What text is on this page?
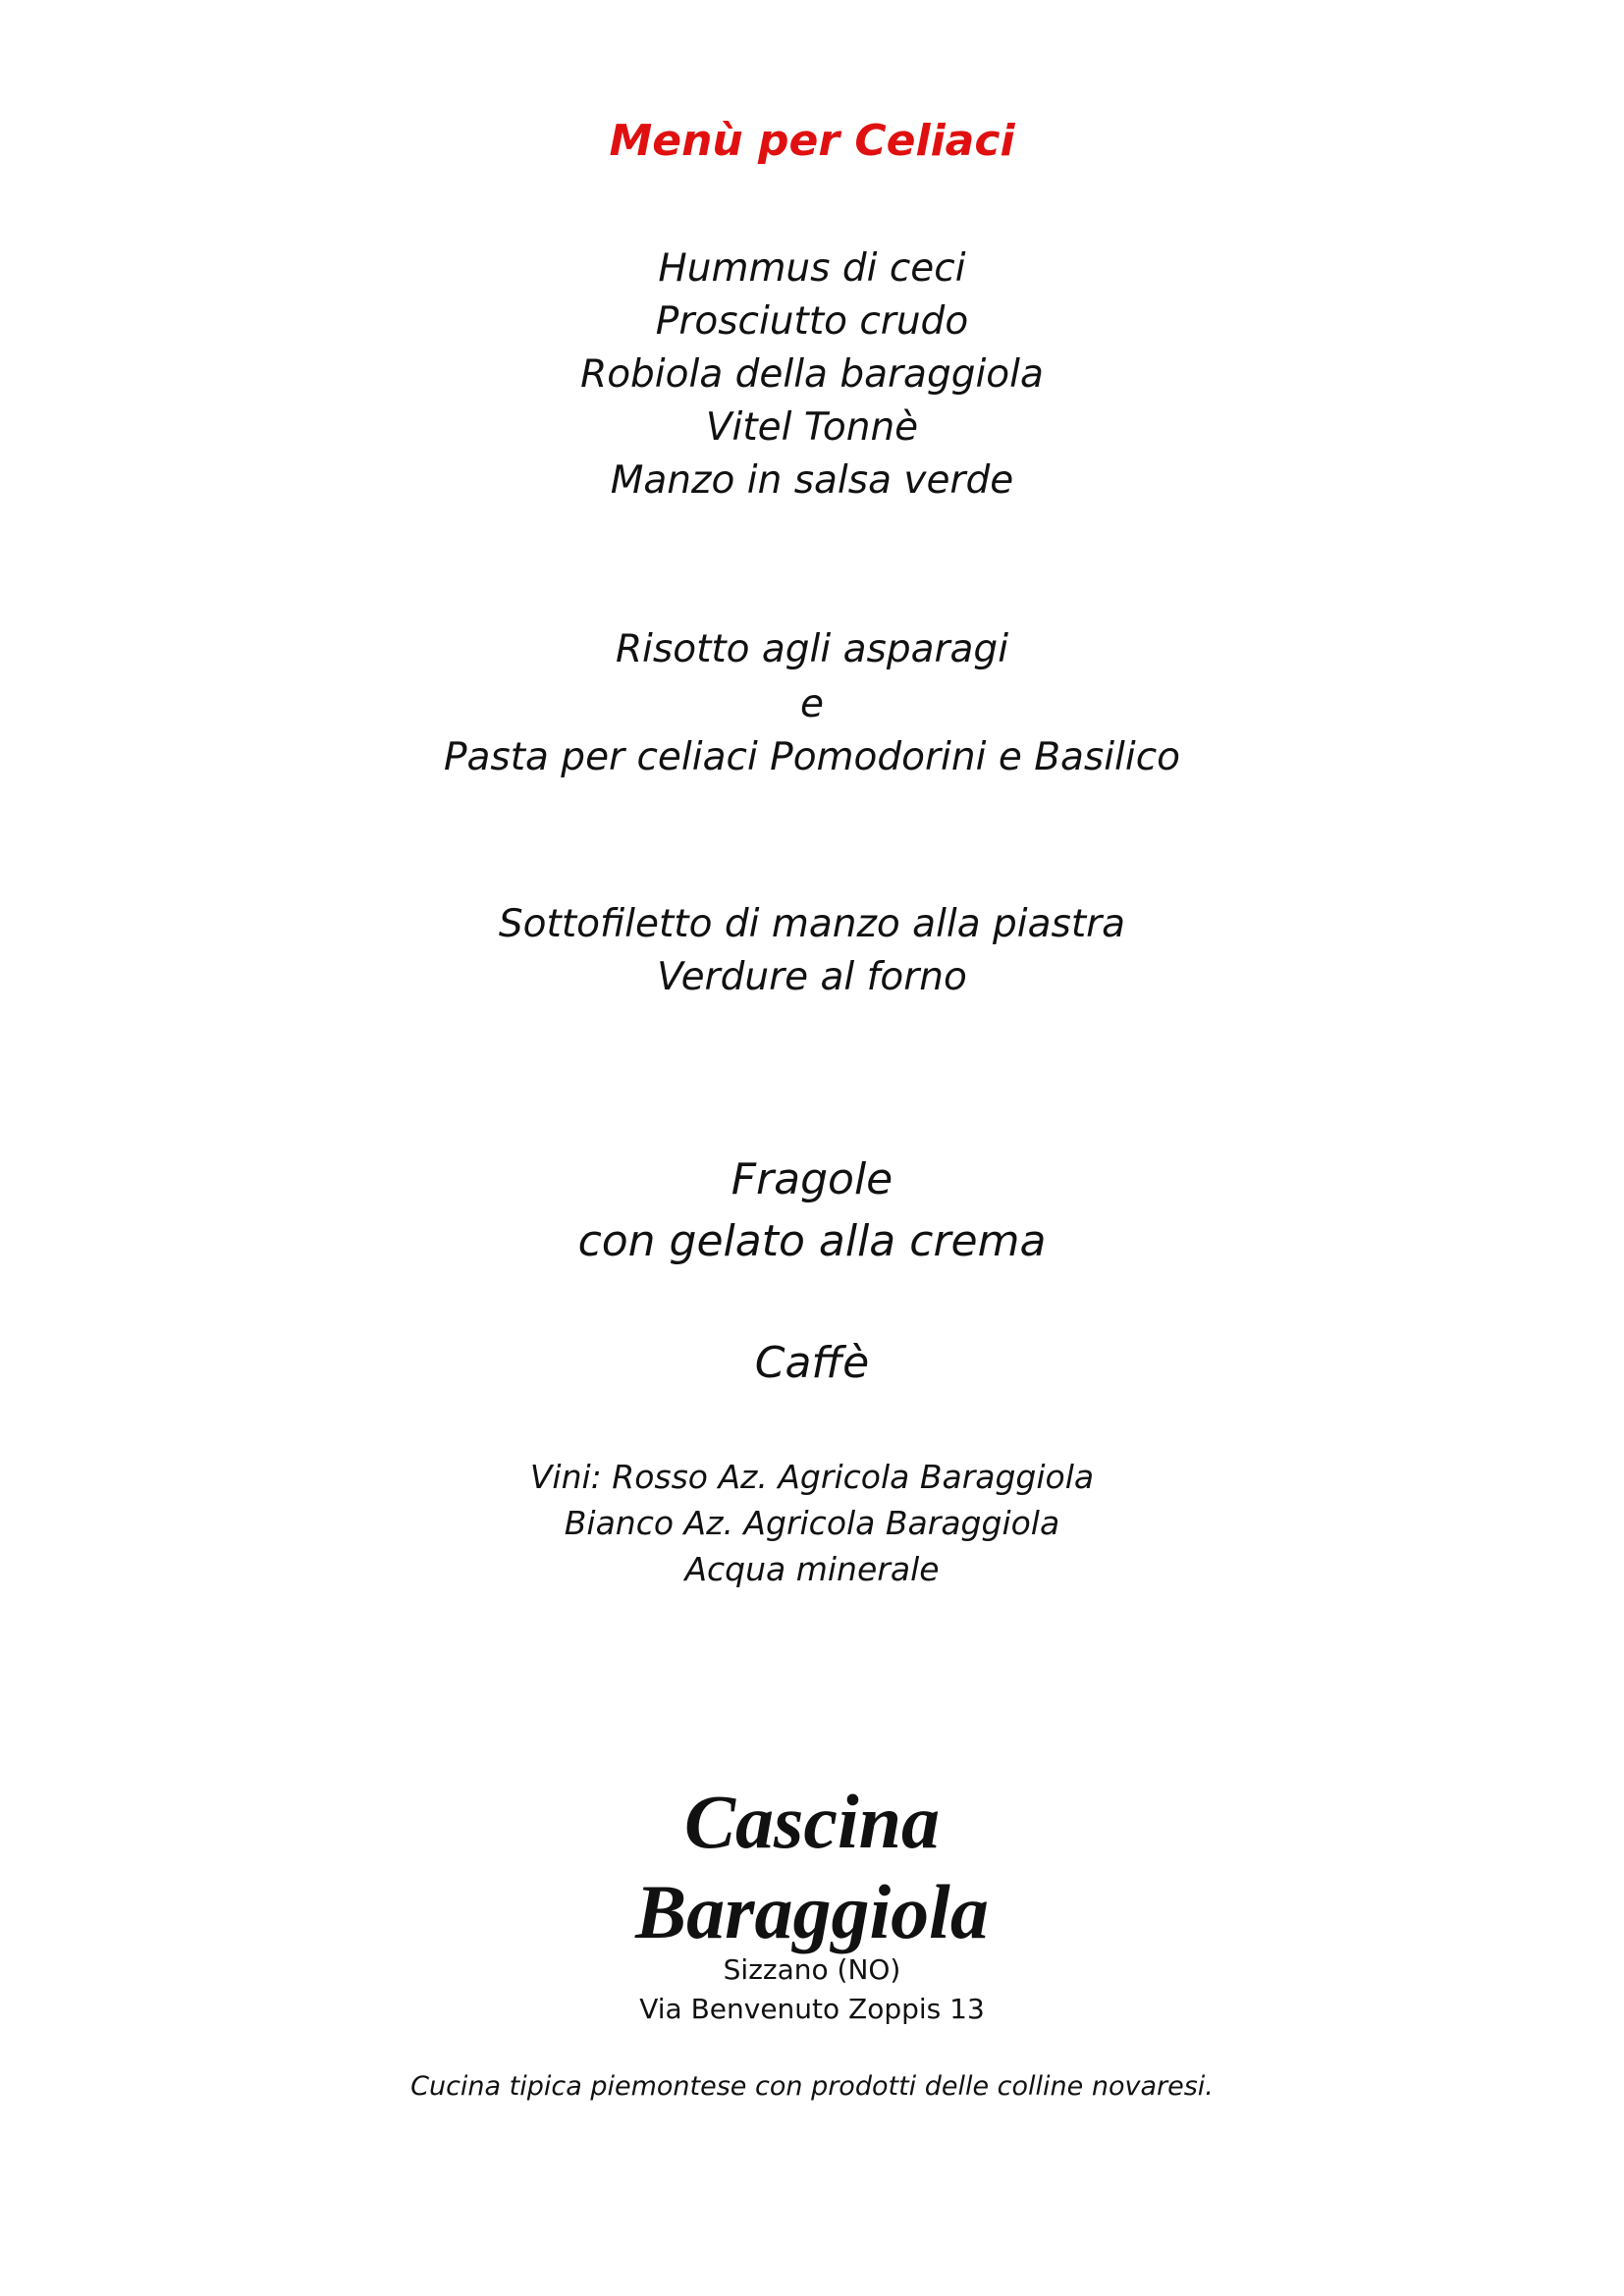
Menù per Celiaci
Hummus di ceci
Prosciutto crudo
Robiola della baraggiola
Vitel Tonnè
Manzo in salsa verde
Risotto agli asparagi
e
Pasta per celiaci Pomodorini e Basilico
Sottofiletto di manzo alla piastra
Verdure al forno
Fragole
con gelato alla crema
Caffè
Vini: Rosso Az. Agricola Baraggiola
Bianco Az. Agricola Baraggiola
Acqua minerale
Cascina
Baraggiola
Sizzano (NO)
Via Benvenuto Zoppis 13
Cucina tipica piemontese con prodotti delle colline novaresi.
